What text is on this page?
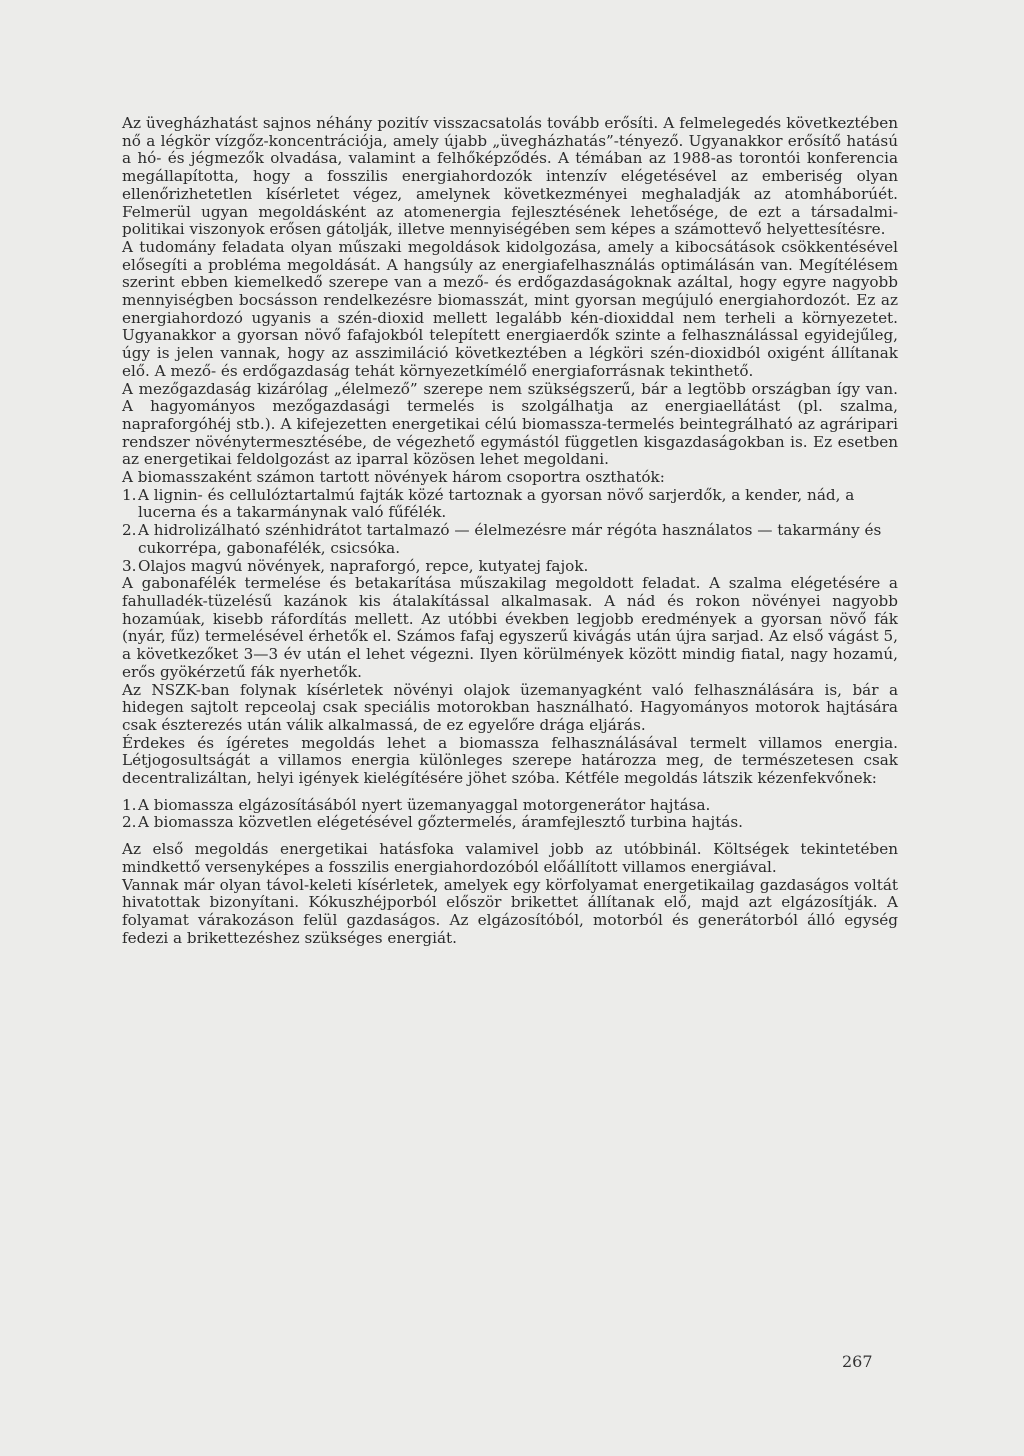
Az üvegházhatást sajnos néhány pozitív visszacsatolás tovább erősíti. A felmelegedés következtében nő a légkör vízgőz-koncentrációja, amely újabb „üvegházhatás”-tényező. Ugyanakkor erősítő hatású a hó- és jégmezők olvadása, valamint a felhőképződés. A témában az 1988-as torontói konferencia megállapította, hogy a fosszilis energiahordozók intenzív elégetésével az emberiség olyan ellenőrizhetetlen kísérletet végez, amelynek következményei meghaladják az atomháborúét. Felmerül ugyan megoldásként az atomenergia fejlesztésének lehetősége, de ezt a társadalmi-politikai viszonyok erősen gátolják, illetve mennyiségében sem képes a számottevő helyettesítésre.

A tudomány feladata olyan műszaki megoldások kidolgozása, amely a kibocsátások csökkentésével elősegíti a probléma megoldását. A hangsúly az energiafelhasználás optimálásán van. Megítélésem szerint ebben kiemelkedő szerepe van a mező- és erdőgazdaságoknak azáltal, hogy egyre nagyobb mennyiségben bocsásson rendelkezésre biomasszát, mint gyorsan megújuló energiahordozót. Ez az energiahordozó ugyanis a szén-dioxid mellett legalább kén-dioxiddal nem terheli a környezetet. Ugyanakkor a gyorsan növő fafajokból telepített energiaerdők szinte a felhasználással egyidejűleg, úgy is jelen vannak, hogy az asszimiláció következtében a légköri szén-dioxidból oxigént állítanak elő. A mező- és erdőgazdaság tehát környezetkímélő energiaforrásnak tekinthető.

A mezőgazdaság kizárólag „élelmező” szerepe nem szükségszerű, bár a legtöbb országban így van. A hagyományos mezőgazdasági termelés is szolgálhatja az energiaellátást (pl. szalma, napraforgóhéj stb.). A kifejezetten energetikai célú biomassza-termelés beintegrálható az agráripari rendszer növénytermesztésébe, de végezhető egymástól független kisgazdaságokban is. Ez esetben az energetikai feldolgozást az iparral közösen lehet megoldani.

A biomasszaként számon tartott növények három csoportra oszthatók:

1. A lignin- és cellulóztartalmú fajták közé tartoznak a gyorsan növő sarjerdők, a kender, nád, a lucerna és a takarmánynak való fűfélék.
2. A hidrolizálható szénhidrátot tartalmazó — élelmezésre már régóta használatos — takarmány és cukorrépa, gabonafélék, csicsóka.
3. Olajos magvú növények, napraforgó, repce, kutyatej fajok.

A gabonafélék termelése és betakarítása műszakilag megoldott feladat. A szalma elégetésére a fahulladék-tüzelésű kazánok kis átalakítással alkalmasak. A nád és rokon növényei nagyobb hozamúak, kisebb ráfordítás mellett. Az utóbbi években legjobb eredmények a gyorsan növő fák (nyár, fűz) termelésével érhetők el. Számos fafaj egyszerű kivágás után újra sarjad. Az első vágást 5, a következőket 3—3 év után el lehet végezni. Ilyen körülmények között mindig fiatal, nagy hozamú, erős gyökérzetű fák nyerhetők.

Az NSZK-ban folynak kísérletek növényi olajok üzemanyagként való felhasználására is, bár a hidegen sajtolt repceolaj csak speciális motorokban használható. Hagyományos motorok hajtására csak észterezés után válik alkalmassá, de ez egyelőre drága eljárás.

Érdekes és ígéretes megoldás lehet a biomassza felhasználásával termelt villamos energia. Létjogosultságát a villamos energia különleges szerepe határozza meg, de természetesen csak decentralizáltan, helyi igények kielégítésére jöhet szóba. Kétféle megoldás látszik kézenfekvőnek:

1. A biomassza elgázosításából nyert üzemanyaggal motorgenerátor hajtása.
2. A biomassza közvetlen elégetésével gőztermelés, áramfejlesztő turbina hajtás.

Az első megoldás energetikai hatásfoka valamivel jobb az utóbbinál. Költségek tekintetében mindkettő versenyképes a fosszilis energiahordozóból előállított villamos energiával.

Vannak már olyan távol-keleti kísérletek, amelyek egy körfolyamat energetikailag gazdaságos voltát hivatottak bizonyítani. Kókuszhéjporból először brikettet állítanak elő, majd azt elgázosítják. A folyamat várakozáson felül gazdaságos. Az elgázosítóból, motorból és generátorból álló egység fedezi a brikettezéshez szükséges energiát.

267
